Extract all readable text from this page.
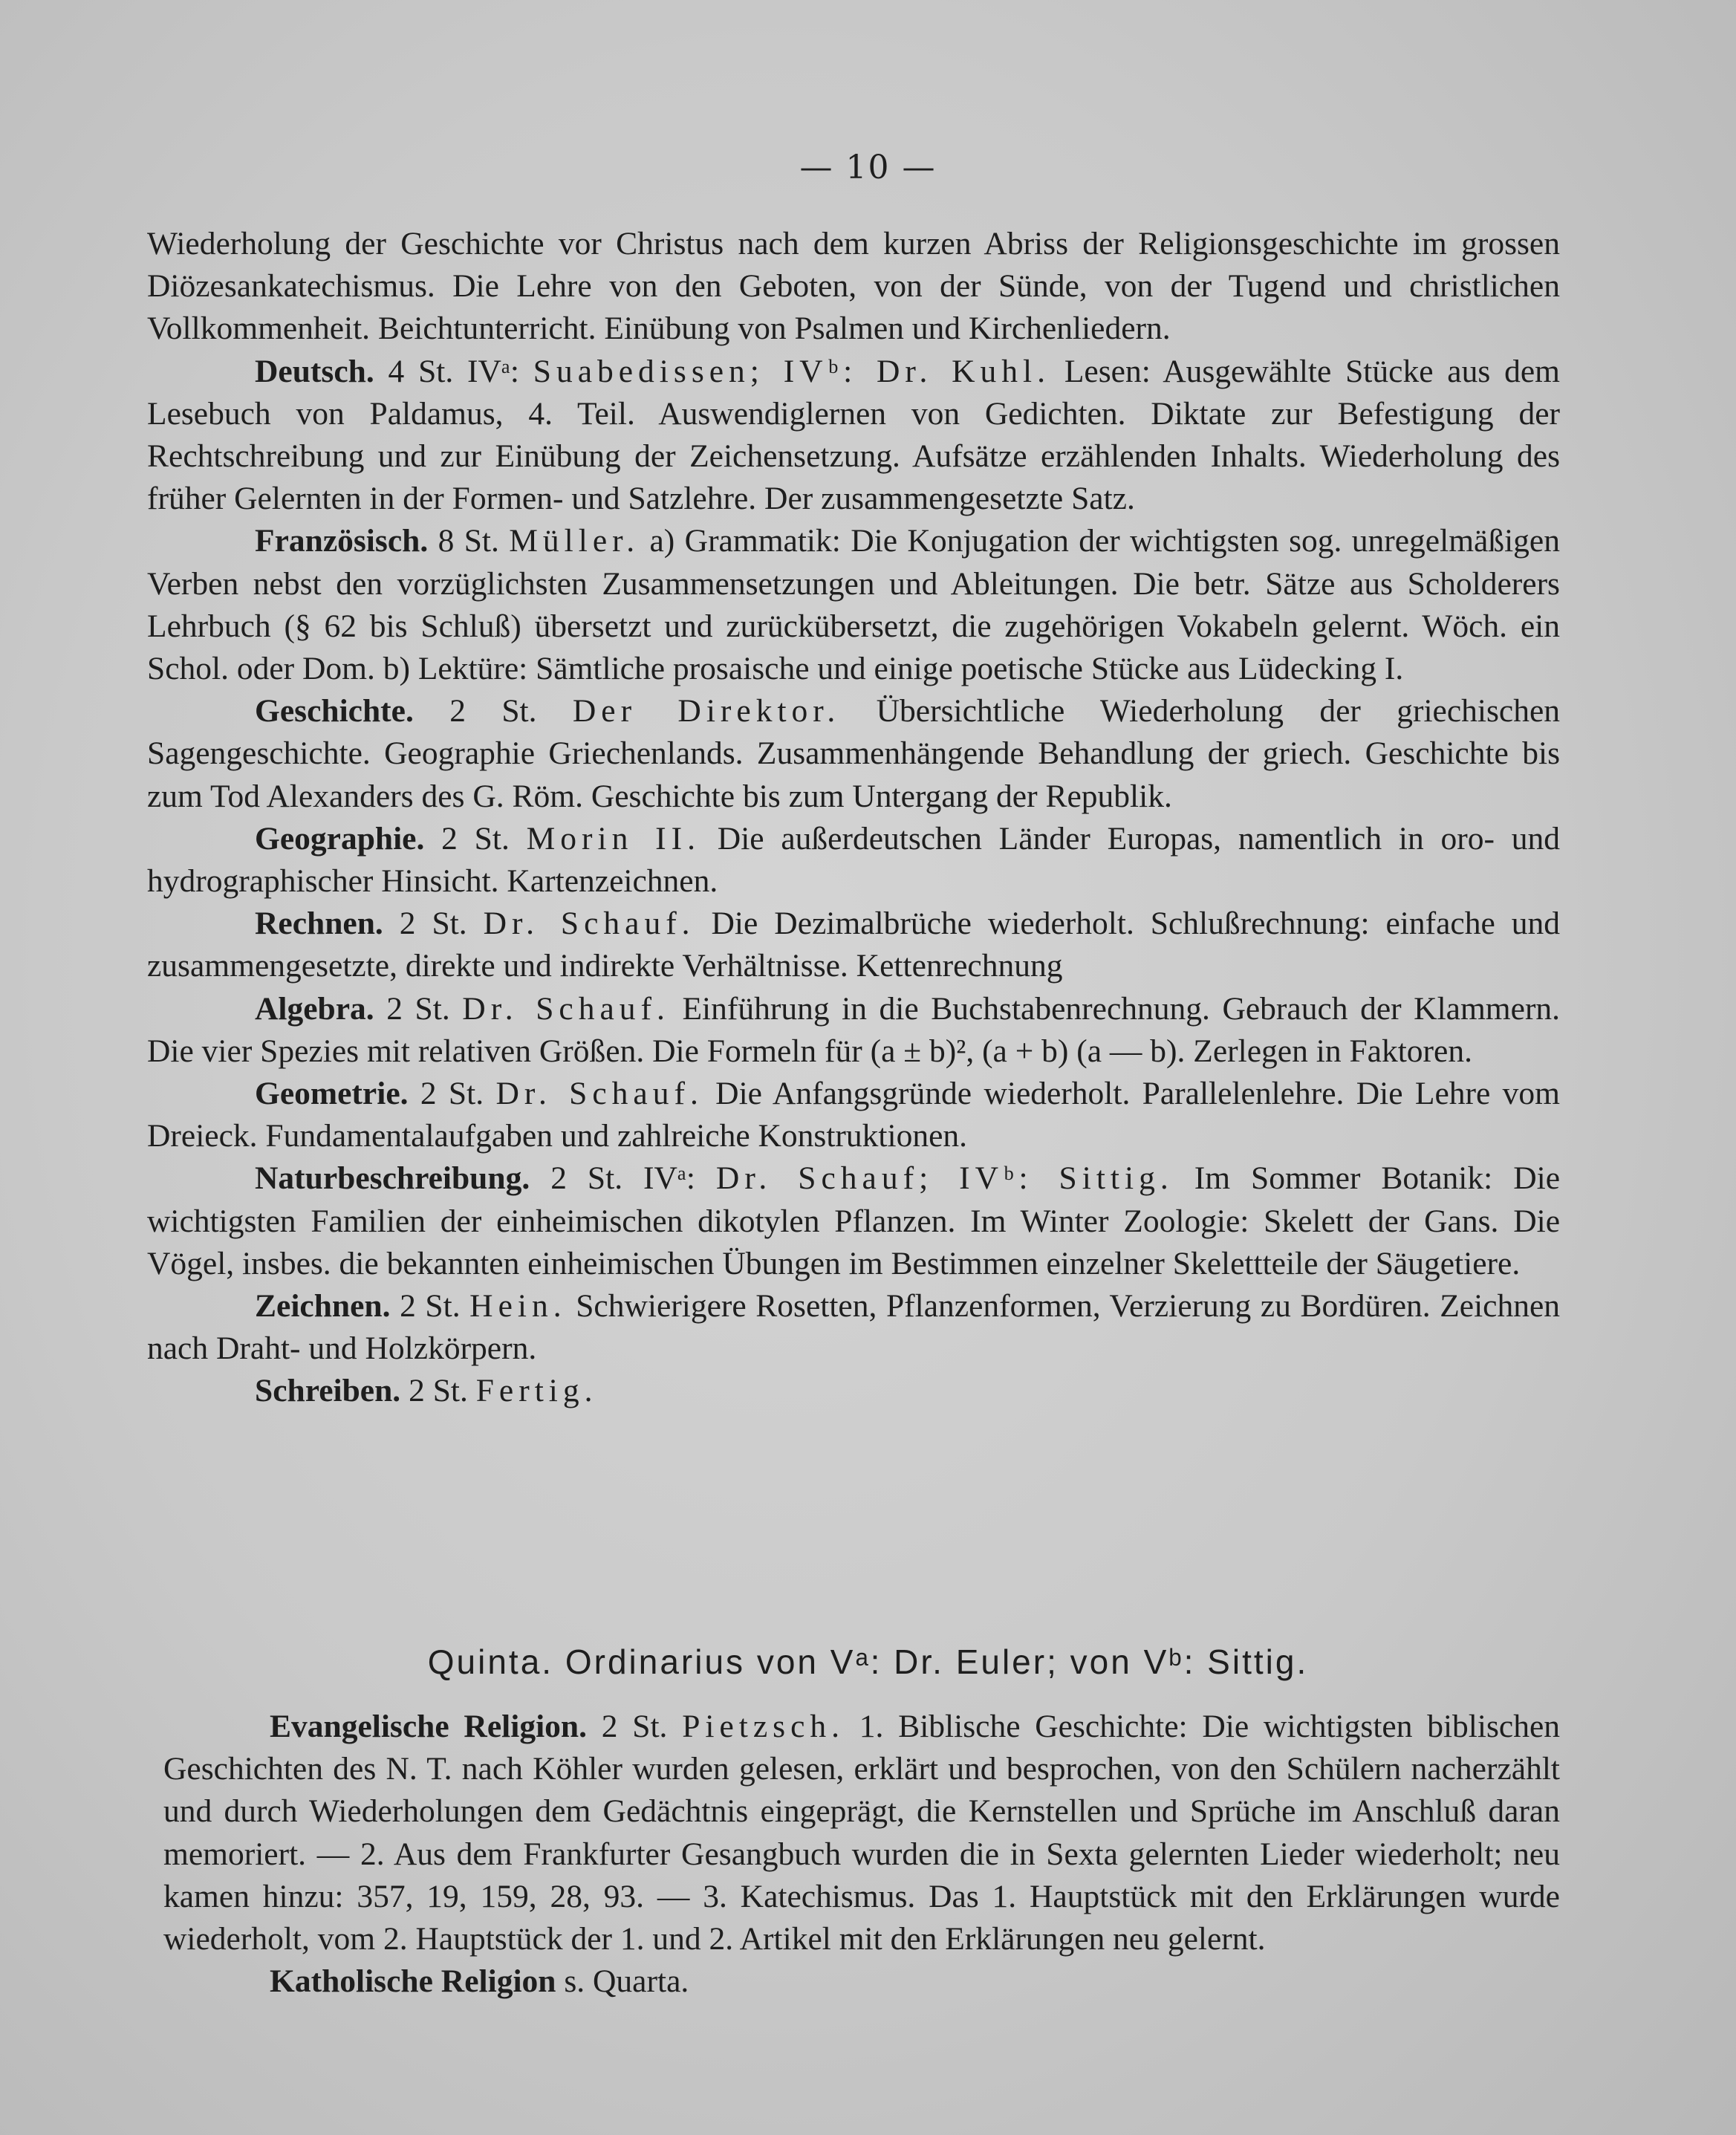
— 10 —

Wiederholung der Geschichte vor Christus nach dem kurzen Abriss der Religionsgeschichte im grossen Diözesankatechismus. Die Lehre von den Geboten, von der Sünde, von der Tugend und christlichen Vollkommenheit. Beichtunterricht. Einübung von Psalmen und Kirchenliedern.

Deutsch. 4 St. IVᵃ: Suabedissen; IVᵇ: Dr. Kuhl. Lesen: Ausgewählte Stücke aus dem Lesebuch von Paldamus, 4. Teil. Auswendiglernen von Gedichten. Diktate zur Befestigung der Rechtschreibung und zur Einübung der Zeichensetzung. Aufsätze erzählenden Inhalts. Wiederholung des früher Gelernten in der Formen- und Satzlehre. Der zusammengesetzte Satz.

Französisch. 8 St. Müller. a) Grammatik: Die Konjugation der wichtigsten sog. unregelmäßigen Verben nebst den vorzüglichsten Zusammensetzungen und Ableitungen. Die betr. Sätze aus Scholderers Lehrbuch (§ 62 bis Schluß) übersetzt und zurückübersetzt, die zugehörigen Vokabeln gelernt. Wöch. ein Schol. oder Dom. b) Lektüre: Sämtliche prosaische und einige poetische Stücke aus Lüdecking I.

Geschichte. 2 St. Der Direktor. Übersichtliche Wiederholung der griechischen Sagengeschichte. Geographie Griechenlands. Zusammenhängende Behandlung der griech. Geschichte bis zum Tod Alexanders des G. Röm. Geschichte bis zum Untergang der Republik.

Geographie. 2 St. Morin II. Die außerdeutschen Länder Europas, namentlich in oro- und hydrographischer Hinsicht. Kartenzeichnen.

Rechnen. 2 St. Dr. Schauf. Die Dezimalbrüche wiederholt. Schlußrechnung: einfache und zusammengesetzte, direkte und indirekte Verhältnisse. Kettenrechnung

Algebra. 2 St. Dr. Schauf. Einführung in die Buchstabenrechnung. Gebrauch der Klammern. Die vier Spezies mit relativen Größen. Die Formeln für (a ± b)², (a + b) (a — b). Zerlegen in Faktoren.

Geometrie. 2 St. Dr. Schauf. Die Anfangsgründe wiederholt. Parallelenlehre. Die Lehre vom Dreieck. Fundamentalaufgaben und zahlreiche Konstruktionen.

Naturbeschreibung. 2 St. IVᵃ: Dr. Schauf; IVᵇ: Sittig. Im Sommer Botanik: Die wichtigsten Familien der einheimischen dikotylen Pflanzen. Im Winter Zoologie: Skelett der Gans. Die Vögel, insbes. die bekannten einheimischen Übungen im Bestimmen einzelner Skelettteile der Säugetiere.

Zeichnen. 2 St. Hein. Schwierigere Rosetten, Pflanzenformen, Verzierung zu Bordüren. Zeichnen nach Draht- und Holzkörpern.

Schreiben. 2 St. Fertig.

Quinta. Ordinarius von Vᵃ: Dr. Euler; von Vᵇ: Sittig.

Evangelische Religion. 2 St. Pietzsch. 1. Biblische Geschichte: Die wichtigsten biblischen Geschichten des N. T. nach Köhler wurden gelesen, erklärt und besprochen, von den Schülern nacherzählt und durch Wiederholungen dem Gedächtnis eingeprägt, die Kernstellen und Sprüche im Anschluß daran memoriert. — 2. Aus dem Frankfurter Gesangbuch wurden die in Sexta gelernten Lieder wiederholt; neu kamen hinzu: 357, 19, 159, 28, 93. — 3. Katechismus. Das 1. Hauptstück mit den Erklärungen wurde wiederholt, vom 2. Hauptstück der 1. und 2. Artikel mit den Erklärungen neu gelernt.

Katholische Religion s. Quarta.
